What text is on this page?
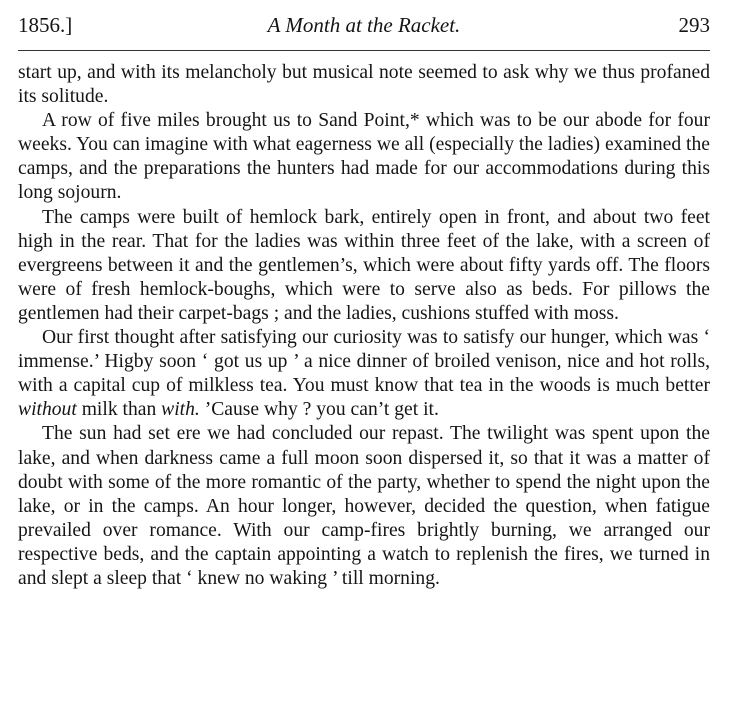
1856.]	A Month at the Racket.	293

start up, and with its melancholy but musical note seemed to ask why we thus profaned its solitude.

A row of five miles brought us to Sand Point,* which was to be our abode for four weeks. You can imagine with what eagerness we all (especially the ladies) examined the camps, and the preparations the hunters had made for our accommodations during this long sojourn.

The camps were built of hemlock bark, entirely open in front, and about two feet high in the rear. That for the ladies was within three feet of the lake, with a screen of evergreens between it and the gentlemen’s, which were about fifty yards off. The floors were of fresh hemlock-boughs, which were to serve also as beds. For pillows the gentlemen had their carpet-bags ; and the ladies, cushions stuffed with moss.

Our first thought after satisfying our curiosity was to satisfy our hunger, which was ‘ immense.’ Higby soon ‘ got us up ’ a nice dinner of broiled venison, nice and hot rolls, with a capital cup of milkless tea. You must know that tea in the woods is much better without milk than with. ’Cause why ? you can’t get it.

The sun had set ere we had concluded our repast. The twilight was spent upon the lake, and when darkness came a full moon soon dispersed it, so that it was a matter of doubt with some of the more romantic of the party, whether to spend the night upon the lake, or in the camps. An hour longer, however, decided the question, when fatigue prevailed over romance. With our camp-fires brightly burning, we arranged our respective beds, and the captain appointing a watch to replenish the fires, we turned in and slept a sleep that ‘ knew no waking ’ till morning.
